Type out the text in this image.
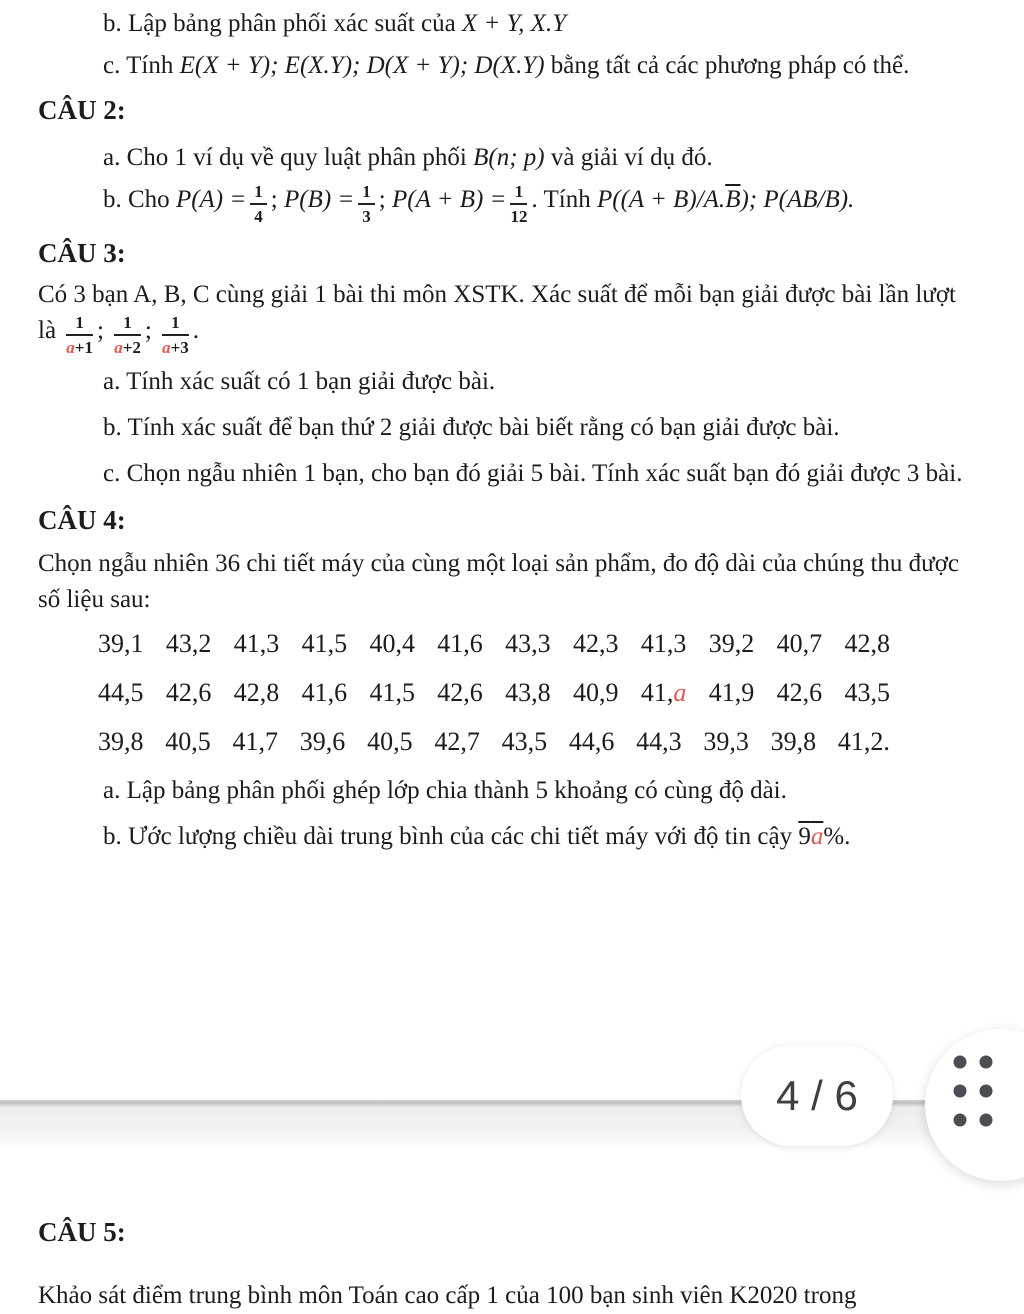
b. Lập bảng phân phối xác suất của X + Y, X.Y
c. Tính E(X + Y); E(X.Y); D(X + Y); D(X.Y) bằng tất cả các phương pháp có thể.
CÂU 2:
a. Cho 1 ví dụ về quy luật phân phối B(n; p) và giải ví dụ đó.
b. Cho $P(A) = \frac{1}{4}$ ; $P(B) = \frac{1}{3}$ ; $P(A + B) = \frac{1}{12}$ . Tính $P((A + B)/A.\overline{B})$; P(AB/B).
CÂU 3:
Có 3 bạn A, B, C cùng giải 1 bài thi môn XSTK. Xác suất để mỗi bạn giải được bài lần lượt là $\frac{1}{a+1}$ ; $\frac{1}{a+2}$ ; $\frac{1}{a+3}$ .
a. Tính xác suất có 1 bạn giải được bài.
b. Tính xác suất để bạn thứ 2 giải được bài biết rằng có bạn giải được bài.
c. Chọn ngẫu nhiên 1 bạn, cho bạn đó giải 5 bài. Tính xác suất bạn đó giải được 3 bài.
CÂU 4:
Chọn ngẫu nhiên 36 chi tiết máy của cùng một loại sản phẩm, đo độ dài của chúng thu được số liệu sau:
39,1 43,2 41,3 41,5 40,4 41,6 43,3 42,3 41,3 39,2 40,7 42,8
44,5 42,6 42,8 41,6 41,5 42,6 43,8 40,9 41,a 41,9 42,6 43,5
39,8 40,5 41,7 39,6 40,5 42,7 43,5 44,6 44,3 39,3 39,8 41,2.
a. Lập bảng phân phối ghép lớp chia thành 5 khoảng có cùng độ dài.
b. Ước lượng chiều dài trung bình của các chi tiết máy với độ tin cậy 9a%.
4 / 6
CÂU 5:
Khảo sát điểm trung bình môn Toán cao cấp 1 của 100 bạn sinh viên K2020 trong
